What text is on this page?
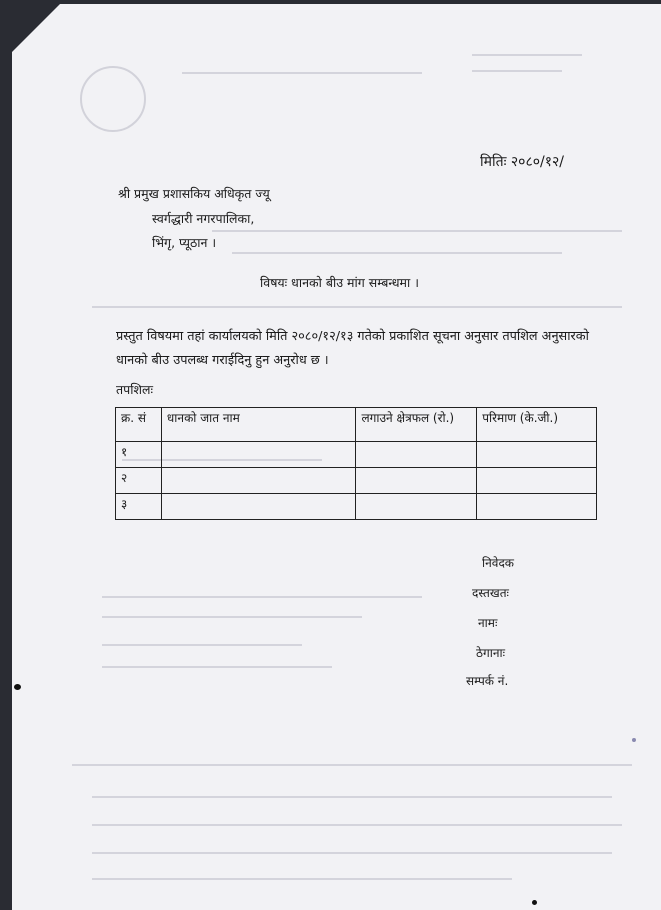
मितिः २०८०/१२/
श्री प्रमुख प्रशासकिय अधिकृत ज्यू
स्वर्गद्धारी नगरपालिका,
भिंगृ, प्यूठान ।
विषयः धानको बीउ मांग सम्बन्धमा ।
प्रस्तुत विषयमा तहां कार्यालयको मिति २०८०/१२/१३ गतेको प्रकाशित सूचना अनुसार तपशिल अनुसारको
धानको बीउ उपलब्ध गराईदिनु हुन अनुरोध छ ।
तपशिलः
क्र. सं	धानको जात नाम	लगाउने क्षेत्रफल (रो.)	परिमाण (के.जी.)
१			
२			
३			
निवेदक
दस्तखतः
नामः
ठेगानाः
सम्पर्क नं.
